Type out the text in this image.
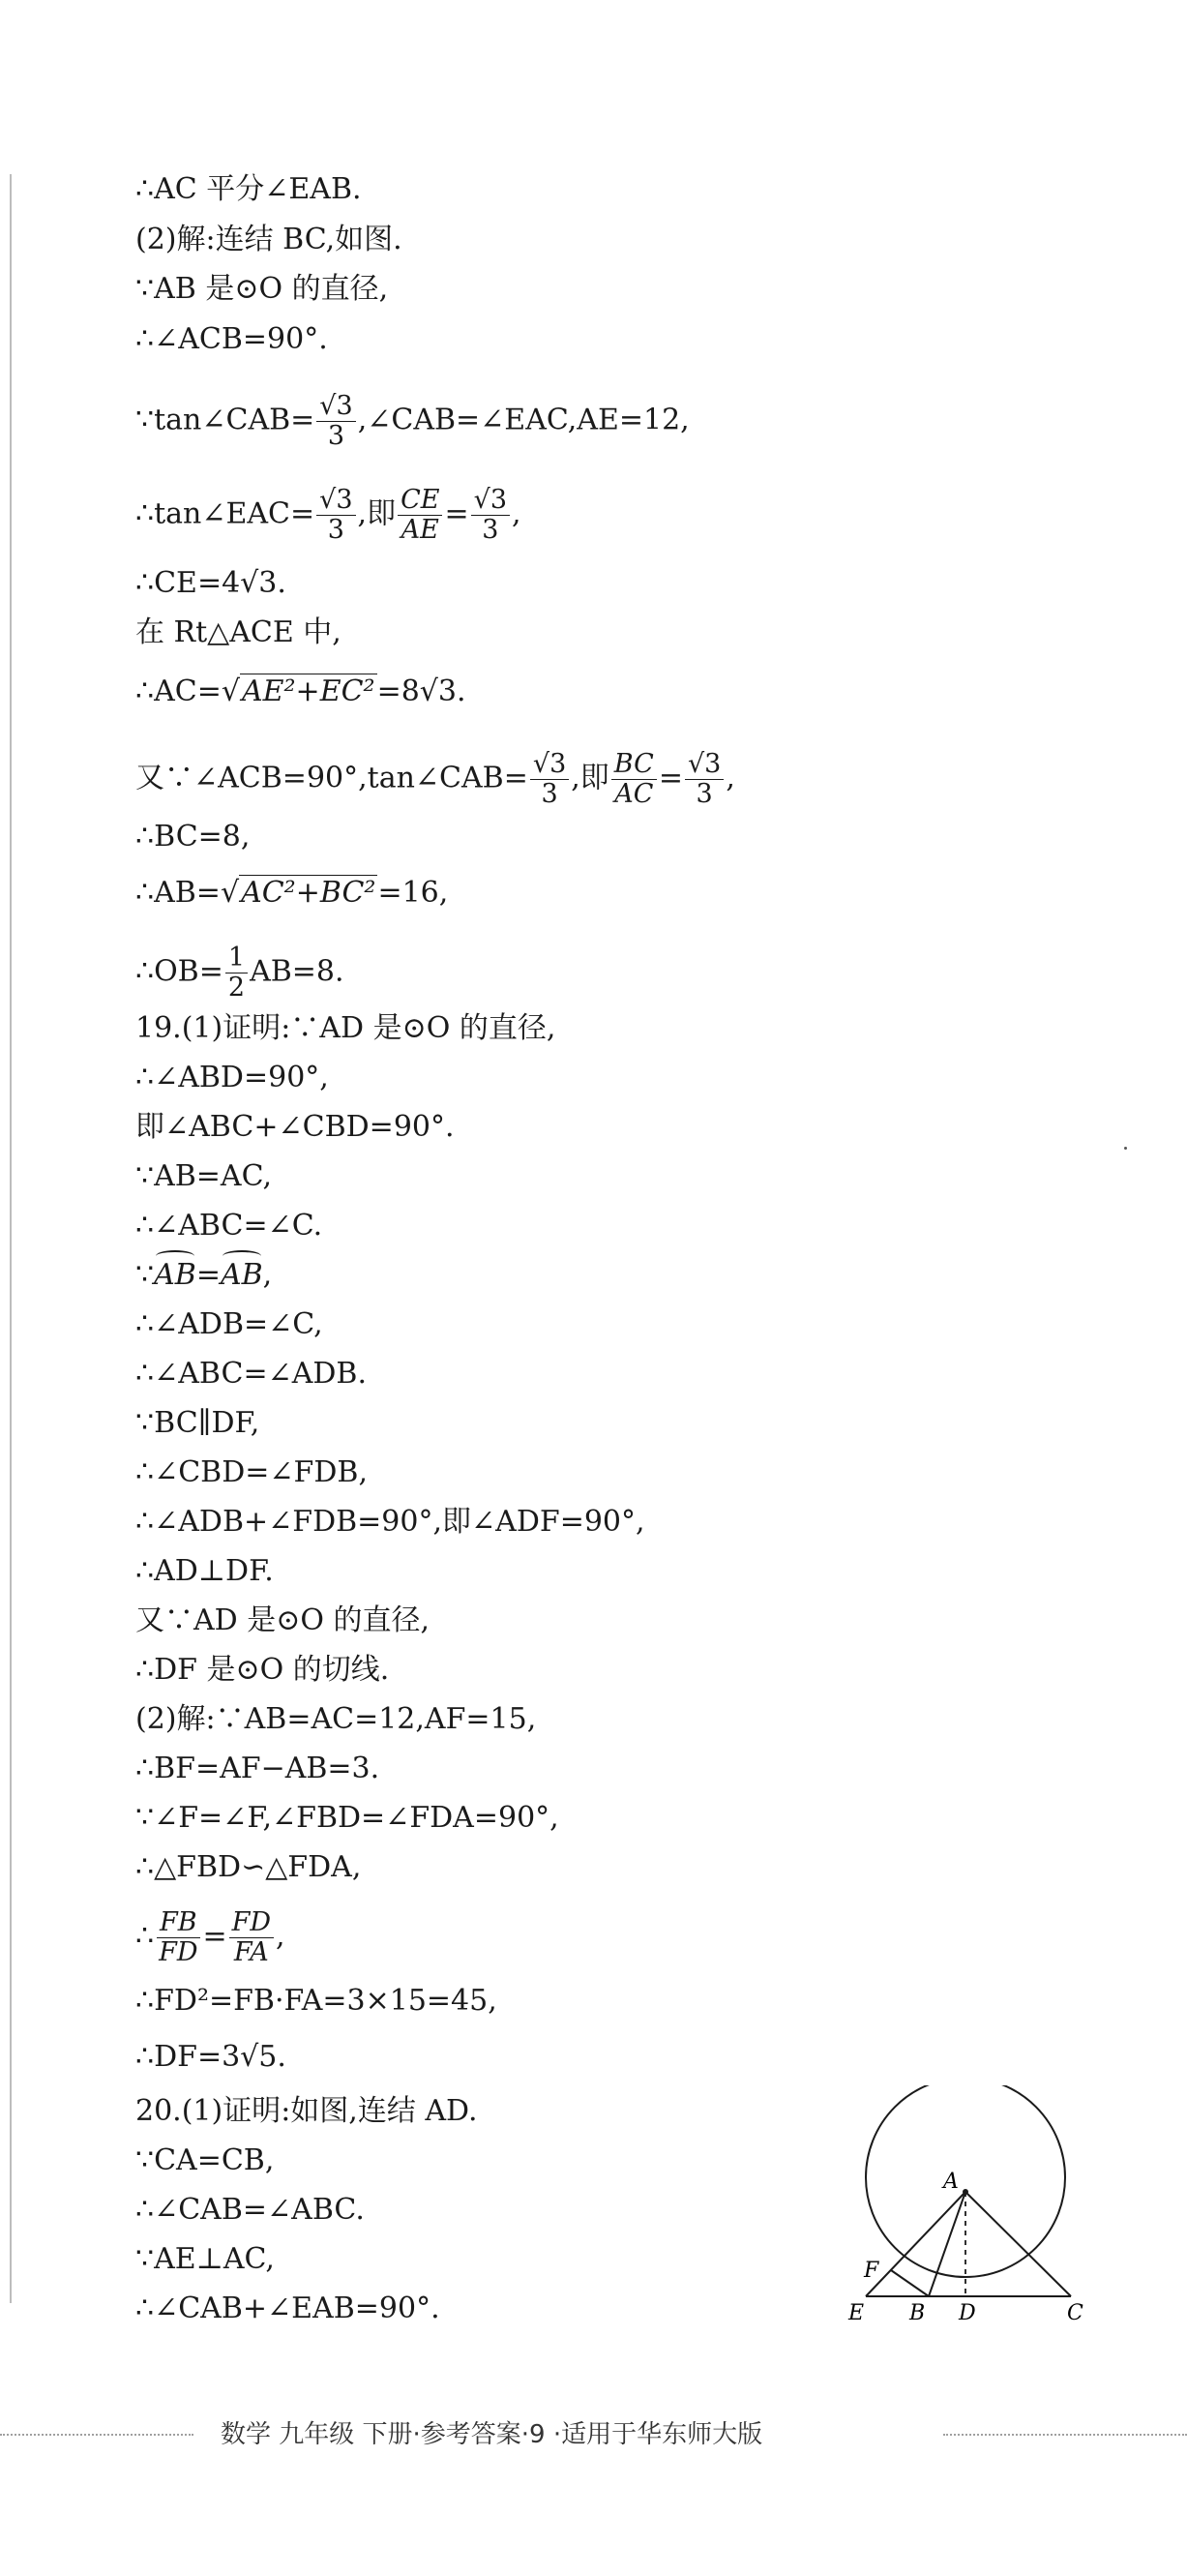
∴AC 平分∠EAB.
(2)解:连结 BC,如图.
∵AB 是⊙O 的直径,
∴∠ACB=90°.
∵tan∠CAB= $\frac{√3}{3}$ ,∠CAB=∠EAC,AE=12,
∴tan∠EAC= $\frac{√3}{3}$ ,即 $\frac{CE}{AE} = \frac{√3}{3}$ ,
∴CE=4√3.
在 Rt△ACE 中,
∴AC=√AE²+EC²=8√3.
又∵∠ACB=90°,tan∠CAB= $\frac{√3}{3}$ ,即 $\frac{BC}{AC} = \frac{√3}{3}$ ,
∴BC=8,
∴AB=√AC²+BC²=16,
∴OB= $\frac{1}{2} AB=8$.
19.(1)证明:∵AD 是⊙O 的直径,
∴∠ABD=90°,
即∠ABC+∠CBD=90°.
∵AB=AC,
∴∠ABC=∠C.
∵AB=AB,
∴∠ADB=∠C,
∴∠ABC=∠ADB.
∵BC∥DF,
∴∠CBD=∠FDB,
∴∠ADB+∠FDB=90°,即∠ADF=90°,
∴AD⊥DF.
又∵AD 是⊙O 的直径,
∴DF 是⊙O 的切线.
(2)解:∵AB=AC=12,AF=15,
∴BF=AF−AB=3.
∵∠F=∠F,∠FBD=∠FDA=90°,
∴△FBD∽△FDA,
∴ $\frac{FB}{FD} = \frac{FD}{FA}$ ,
∴FD²=FB·FA=3×15=45,
∴DF=3√5.
20.(1)证明:如图,连结 AD.
∵CA=CB,
∴∠CAB=∠ABC.
∵AE⊥AC,
∴∠CAB+∠EAB=90°.
A
F
E B D	C
数学 九年级 下册·参考答案·9 ·适用于华东师大版
